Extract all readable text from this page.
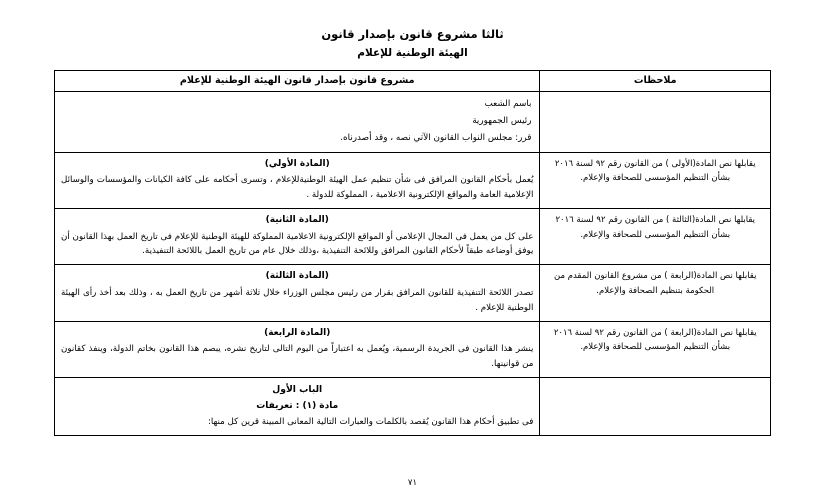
ثالثا مشروع قانون بإصدار قانون
الهيئة الوطنية للإعلام
ملاحظات	مشروع قانون بإصدار قانون الهيئة الوطنية للإعلام

	باسم الشعب
رئيس الجمهورية
قرر: مجلس النواب القانون الآتي نصه ، وقد أصدرناه.

يقابلها نص المادة(الأولى ) من القانون رقم ٩٢ لسنة ٢٠١٦ بشأن التنظيم المؤسسى للصحافة والإعلام.	(المادة الأولي)
يُعمل بأحكام القانون المرافق فى شأن تنظيم عمل الهيئة الوطنيةللإعلام ، وتسرى أحكامه على كافة الكيانات والمؤسسات والوسائل الإعلامية العامة والمواقع الإلكترونية الاعلامية ، المملوكة للدولة .

يقابلها نص المادة(الثالثة ) من القانون رقم ٩٢ لسنة ٢٠١٦ بشأن التنظيم المؤسسى للصحافة والإعلام.	(المادة الثانية)
على كل من يعمل فى المجال الإعلامى أو المواقع الإلكترونية الاعلامية المملوكة للهيئة الوطنية للإعلام فى تاريخ العمل بهذا القانون أن يوفق أوضاعه طبقاً لأحكام القانون المرافق وللائحة التنفيذية ،وذلك خلال عام من تاريخ العمل باللائحة التنفيذية.

يقابلها نص المادة(الرابعة ) من مشروع القانون المقدم من الحكومة بتنظيم الصحافة والإعلام.	(المادة الثالثة)
تصدر اللائحة التنفيذية للقانون المرافق بقرار من رئيس مجلس الوزراء خلال ثلاثة أشهر من تاريخ العمل به ، وذلك بعد أخذ رأى الهيئة الوطنية للإعلام .

يقابلها نص المادة(الرابعة ) من القانون رقم ٩٢ لسنة ٢٠١٦ بشأن التنظيم المؤسسى للصحافة والإعلام.	(المادة الرابعة)
ينشر هذا القانون فى الجريدة الرسمية، ويُعمل به اعتباراً من اليوم التالى لتاريخ نشره، يبصم هذا القانون بخاتم الدولة، وينفذ كقانون من قوانينها.

	الباب الأول
مادة (١) : تعريفات
فى تطبيق أحكام هذا القانون يُقصد بالكلمات والعبارات التالية المعانى المبينة قرين كل منها:
٧١
